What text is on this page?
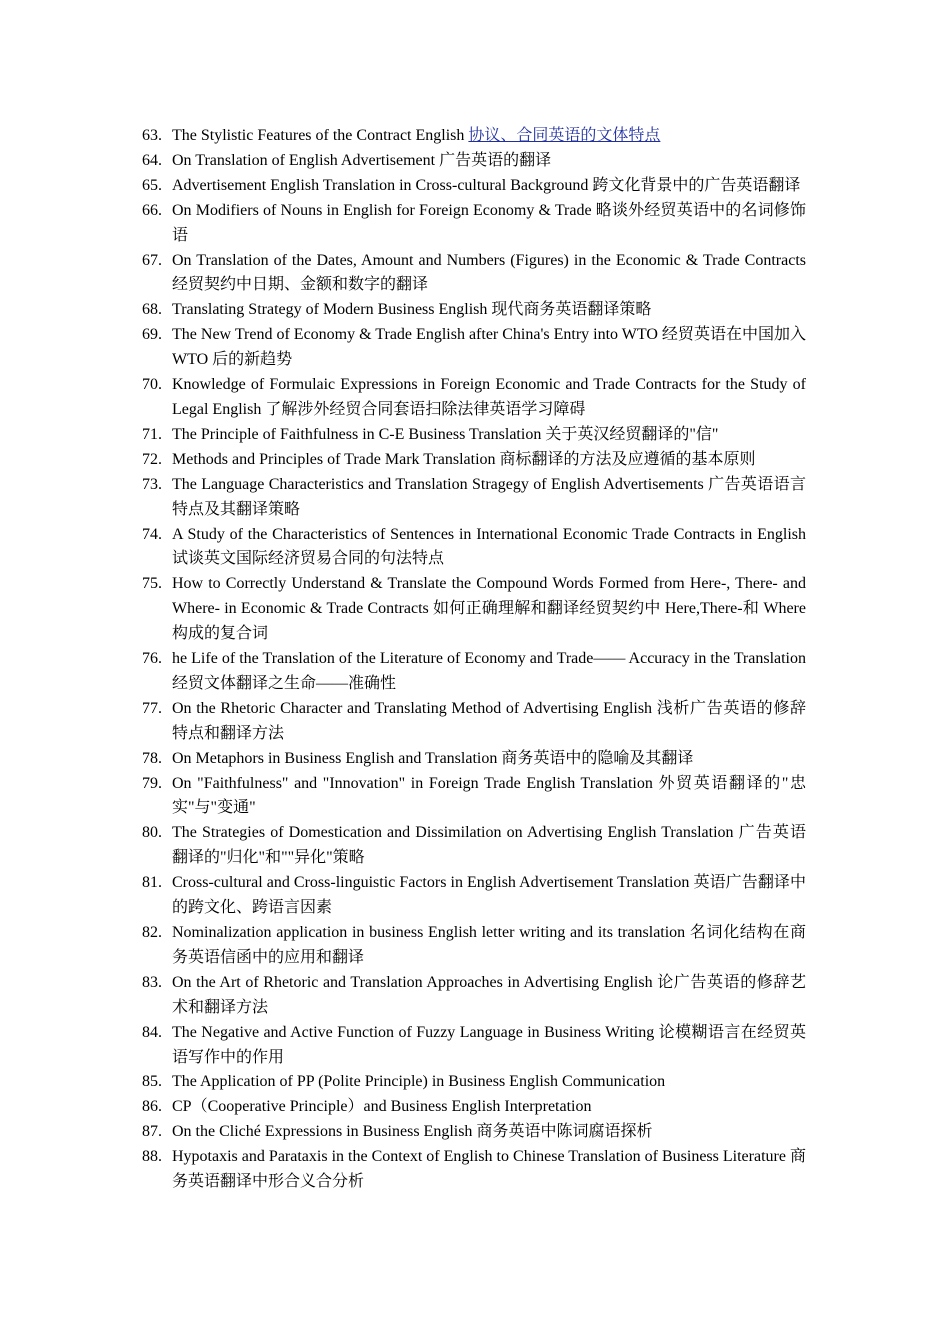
63. The Stylistic Features of the Contract English 协议、合同英语的文体特点
64. On Translation of English Advertisement 广告英语的翻译
65. Advertisement English Translation in Cross-cultural Background 跨文化背景中的广告英语翻译
66. On Modifiers of Nouns in English for Foreign Economy & Trade 略谈外经贸英语中的名词修饰语
67. On Translation of the Dates, Amount and Numbers (Figures) in the Economic & Trade Contracts 经贸契约中日期、金额和数字的翻译
68. Translating Strategy of Modern Business English 现代商务英语翻译策略
69. The New Trend of Economy & Trade English after China's Entry into WTO 经贸英语在中国加入 WTO 后的新趋势
70. Knowledge of Formulaic Expressions in Foreign Economic and Trade Contracts for the Study of Legal English 了解涉外经贸合同套语扫除法律英语学习障碍
71. The Principle of Faithfulness in C-E Business Translation 关于英汉经贸翻译的"信"
72. Methods and Principles of Trade Mark Translation 商标翻译的方法及应遵循的基本原则
73. The Language Characteristics and Translation Stragegy of English Advertisements 广告英语语言特点及其翻译策略
74. A Study of the Characteristics of Sentences in International Economic Trade Contracts in English 试谈英文国际经济贸易合同的句法特点
75. How to Correctly Understand & Translate the Compound Words Formed from Here-, There- and Where- in Economic & Trade Contracts 如何正确理解和翻译经贸契约中 Here,There-和 Where 构成的复合词
76. he Life of the Translation of the Literature of Economy and Trade—— Accuracy in the Translation 经贸文体翻译之生命——准确性
77. On the Rhetoric Character and Translating Method of Advertising English 浅析广告英语的修辞特点和翻译方法
78. On Metaphors in Business English and Translation 商务英语中的隐喻及其翻译
79. On "Faithfulness" and "Innovation" in Foreign Trade English Translation 外贸英语翻译的"忠实"与"变通"
80. The Strategies of Domestication and Dissimilation on Advertising English Translation 广告英语翻译的"归化"和""异化"策略
81. Cross-cultural and Cross-linguistic Factors in English Advertisement Translation 英语广告翻译中的跨文化、跨语言因素
82. Nominalization application in business English letter writing and its translation 名词化结构在商务英语信函中的应用和翻译
83. On the Art of Rhetoric and Translation Approaches in Advertising English 论广告英语的修辞艺术和翻译方法
84. The Negative and Active Function of Fuzzy Language in Business Writing 论模糊语言在经贸英语写作中的作用
85. The Application of PP (Polite Principle) in Business English Communication
86. CP（Cooperative Principle）and Business English Interpretation
87. On the Cliché Expressions in Business English 商务英语中陈词腐语探析
88. Hypotaxis and Parataxis in the Context of English to Chinese Translation of Business Literature 商务英语翻译中形合义合分析
